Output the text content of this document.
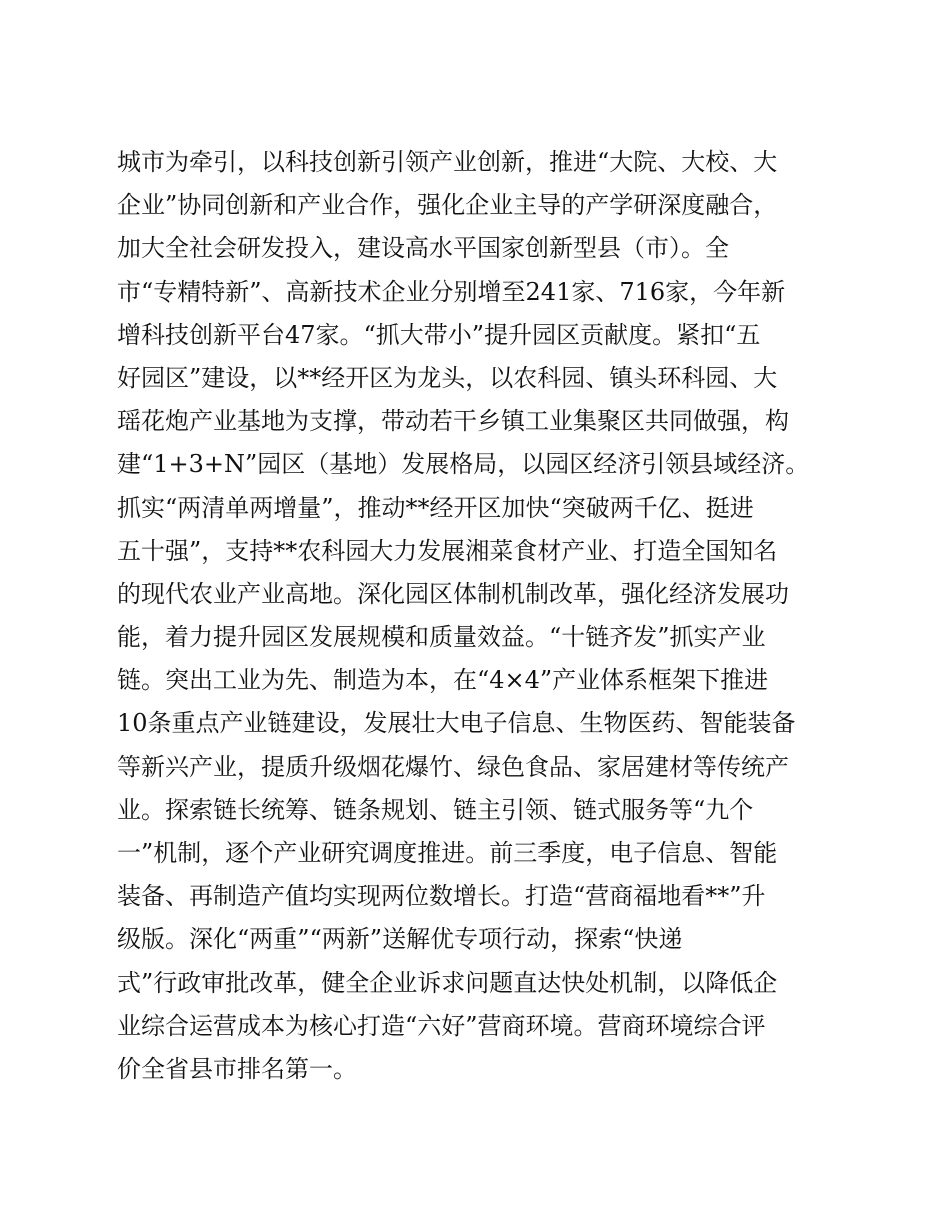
城市为牵引，以科技创新引领产业创新，推进“大院、大校、大
企业”协同创新和产业合作，强化企业主导的产学研深度融合，
加大全社会研发投入，建设高水平国家创新型县（市）。全
市“专精特新”、高新技术企业分别增至241家、716家，今年新
增科技创新平台47家。“抓大带小”提升园区贡献度。紧扣“五
好园区”建设，以**经开区为龙头，以农科园、镇头环科园、大
瑶花炮产业基地为支撑，带动若干乡镇工业集聚区共同做强，构
建“1+3+N”园区（基地）发展格局，以园区经济引领县域经济。
抓实“两清单两增量”，推动**经开区加快“突破两千亿、挺进
五十强”，支持**农科园大力发展湘菜食材产业、打造全国知名
的现代农业产业高地。深化园区体制机制改革，强化经济发展功
能，着力提升园区发展规模和质量效益。“十链齐发”抓实产业
链。突出工业为先、制造为本，在“4×4”产业体系框架下推进
10条重点产业链建设，发展壮大电子信息、生物医药、智能装备
等新兴产业，提质升级烟花爆竹、绿色食品、家居建材等传统产
业。探索链长统筹、链条规划、链主引领、链式服务等“九个
一”机制，逐个产业研究调度推进。前三季度，电子信息、智能
装备、再制造产值均实现两位数增长。打造“营商福地看**”升
级版。深化“两重”“两新”送解优专项行动，探索“快递
式”行政审批改革，健全企业诉求问题直达快处机制，以降低企
业综合运营成本为核心打造“六好”营商环境。营商环境综合评
价全省县市排名第一。
